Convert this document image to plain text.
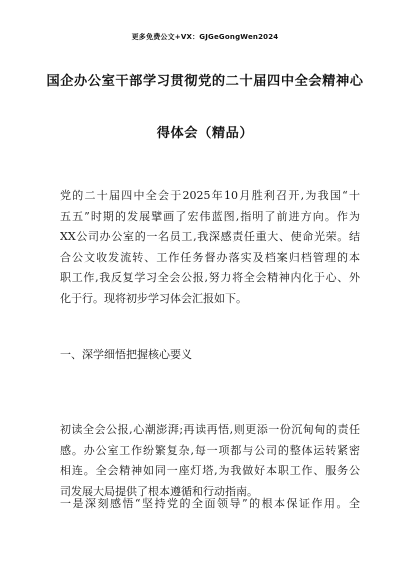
更多免费公文+VX：GJGeGongWen2024
国企办公室干部学习贯彻党的二十届四中全会精神心
得体会（精品）
党的二十届四中全会于2025年10月胜利召开,为我国“十
五五”时期的发展擘画了宏伟蓝图,指明了前进方向。作为
XX公司办公室的一名员工,我深感责任重大、使命光荣。结
合公文收发流转、工作任务督办落实及档案归档管理的本
职工作,我反复学习全会公报,努力将全会精神内化于心、外
化于行。现将初步学习体会汇报如下。
一、深学细悟把握核心要义
初读全会公报,心潮澎湃;再读再悟,则更添一份沉甸甸的责任
感。办公室工作纷繁复杂,每一项都与公司的整体运转紧密
相连。全会精神如同一座灯塔,为我做好本职工作、服务公
司发展大局提供了根本遵循和行动指南。
一是深刻感悟“坚持党的全面领导”的根本保证作用。全
